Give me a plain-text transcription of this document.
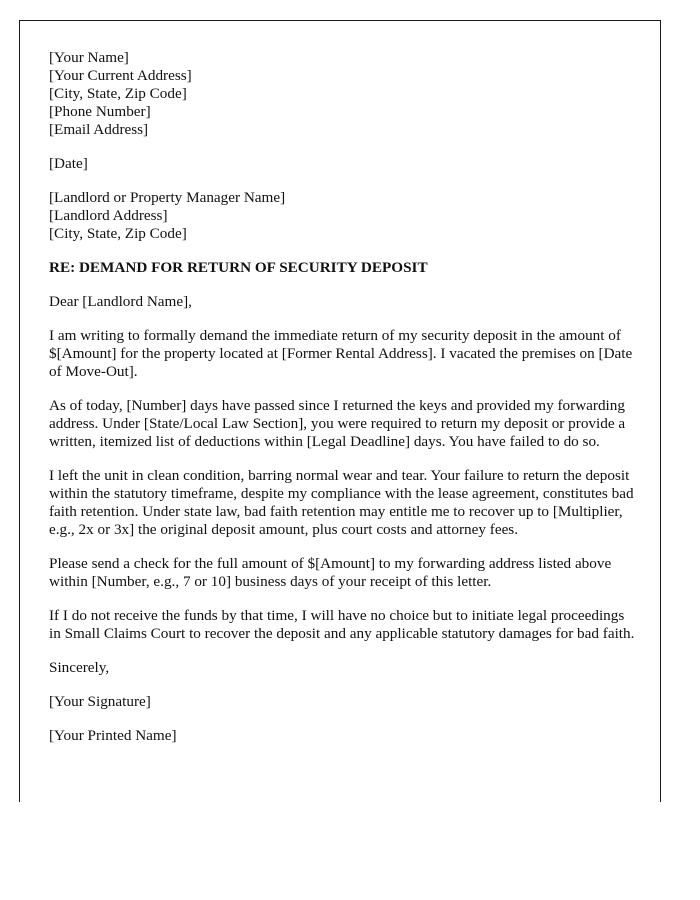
[Your Name]
[Your Current Address]
[City, State, Zip Code]
[Phone Number]
[Email Address]
[Date]
[Landlord or Property Manager Name]
[Landlord Address]
[City, State, Zip Code]
RE: DEMAND FOR RETURN OF SECURITY DEPOSIT
Dear [Landlord Name],

I am writing to formally demand the immediate return of my security deposit in the amount of $[Amount] for the property located at [Former Rental Address]. I vacated the premises on [Date of Move-Out].

As of today, [Number] days have passed since I returned the keys and provided my forwarding address. Under [State/Local Law Section], you were required to return my deposit or provide a written, itemized list of deductions within [Legal Deadline] days. You have failed to do so.

I left the unit in clean condition, barring normal wear and tear. Your failure to return the deposit within the statutory timeframe, despite my compliance with the lease agreement, constitutes bad faith retention. Under state law, bad faith retention may entitle me to recover up to [Multiplier, e.g., 2x or 3x] the original deposit amount, plus court costs and attorney fees.

Please send a check for the full amount of $[Amount] to my forwarding address listed above within [Number, e.g., 7 or 10] business days of your receipt of this letter.

If I do not receive the funds by that time, I will have no choice but to initiate legal proceedings in Small Claims Court to recover the deposit and any applicable statutory damages for bad faith.

Sincerely,
[Your Signature]
[Your Printed Name]
